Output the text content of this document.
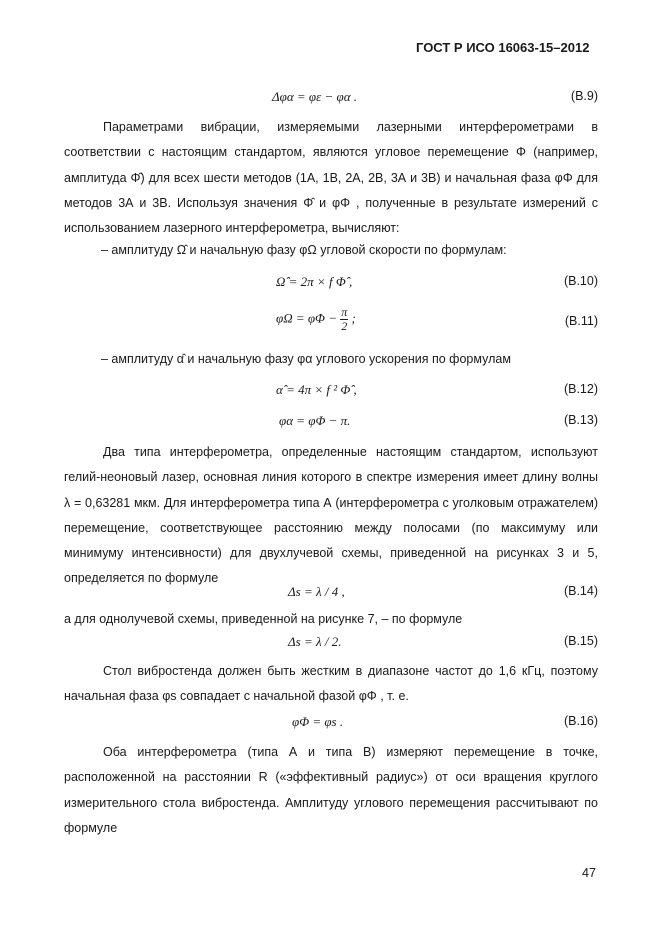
ГОСТ Р ИСО 16063-15–2012
Δφα = φε − φα .	(B.9)

Параметрами вибрации, измеряемыми лазерными интерферометрами в соответствии с настоящим стандартом, являются угловое перемещение Φ (например, амплитуда Φ̂) для всех шести методов (1А, 1В, 2А, 2В, 3А и 3В) и начальная фаза φΦ для методов 3А и 3В. Используя значения Φ̂ и φΦ , полученные в результате измерений с использованием лазерного интерферометра, вычисляют:

– амплитуду Ω̂ и начальную фазу φΩ угловой скорости по формулам:
Ω̂ = 2π × f Φ̂ ,	(B.10)
$\varphi\Omega = \varphi\Phi - \frac{\pi}{2}$ ;	(B.11)
– амплитуду α̂ и начальную фазу φα углового ускорения по формулам
α̂ = 4π × f ² Φ̂ ,	(B.12)
φα = φΦ − π.	(B.13)

Два типа интерферометра, определенные настоящим стандартом, используют гелий-неоновый лазер, основная линия которого в спектре измерения имеет длину волны λ = 0,63281 мкм. Для интерферометра типа А (интерферометра с уголковым отражателем) перемещение, соответствующее расстоянию между полосами (по максимуму или минимуму интенсивности) для двухлучевой схемы, приведенной на рисунках 3 и 5, определяется по формуле

Δs = λ / 4 ,	(B.14)
а для однолучевой схемы, приведенной на рисунке 7, – по формуле
Δs = λ / 2.	(B.15)

Стол вибростенда должен быть жестким в диапазоне частот до 1,6 кГц, поэтому начальная фаза φs совпадает с начальной фазой φΦ , т. е.

φΦ = φs .	(B.16)

Оба интерферометра (типа А и типа В) измеряют перемещение в точке, расположенной на расстоянии R («эффективный радиус») от оси вращения круглого измерительного стола вибростенда. Амплитуду углового перемещения рассчитывают по формуле

47
